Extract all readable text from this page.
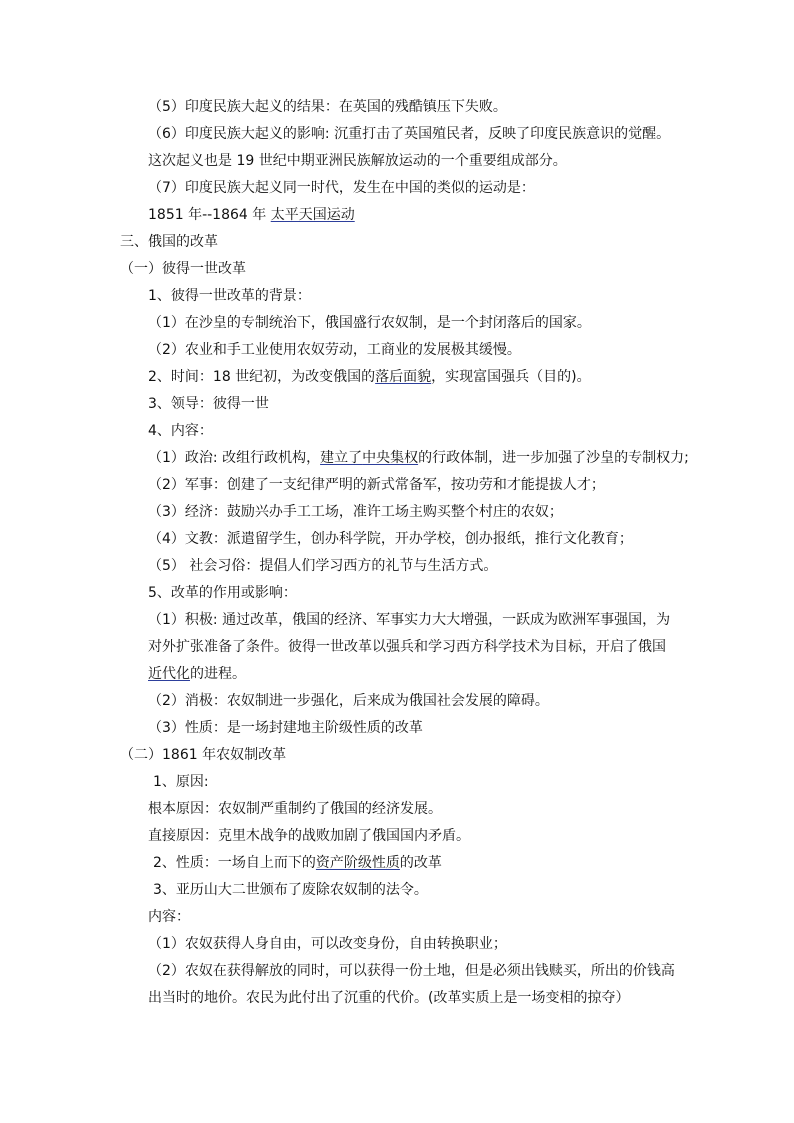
（5）印度民族大起义的结果：在英国的残酷镇压下失败。
（6）印度民族大起义的影响: 沉重打击了英国殖民者，反映了印度民族意识的觉醒。这次起义也是 19 世纪中期亚洲民族解放运动的一个重要组成部分。
（7）印度民族大起义同一时代，发生在中国的类似的运动是：
1851 年--1864 年 太平天国运动
三、俄国的改革
（一）彼得一世改革
1、彼得一世改革的背景：
（1）在沙皇的专制统治下，俄国盛行农奴制，是一个封闭落后的国家。
（2）农业和手工业使用农奴劳动，工商业的发展极其缓慢。
2、时间：18 世纪初，为改变俄国的落后面貌，实现富国强兵（目的)。
3、领导：彼得一世
4、内容：
（1）政治: 改组行政机构，建立了中央集权的行政体制，进一步加强了沙皇的专制权力;
（2）军事：创建了一支纪律严明的新式常备军，按功劳和才能提拔人才；
（3）经济：鼓励兴办手工工场，准许工场主购买整个村庄的农奴；
（4）文教：派遣留学生，创办科学院，开办学校，创办报纸，推行文化教育；
（5） 社会习俗：提倡人们学习西方的礼节与生活方式。
5、改革的作用或影响：
（1）积极: 通过改革，俄国的经济、军事实力大大增强，一跃成为欧洲军事强国，为对外扩张准备了条件。彼得一世改革以强兵和学习西方科学技术为目标，开启了俄国近代化的进程。
（2）消极：农奴制进一步强化，后来成为俄国社会发展的障碍。
（3）性质：是一场封建地主阶级性质的改革
（二）1861 年农奴制改革
1、原因:
根本原因：农奴制严重制约了俄国的经济发展。
直接原因：克里木战争的战败加剧了俄国国内矛盾。
2、性质：一场自上而下的资产阶级性质的改革
3、亚历山大二世颁布了废除农奴制的法令。
内容：
（1）农奴获得人身自由，可以改变身份，自由转换职业；
（2）农奴在获得解放的同时，可以获得一份土地，但是必须出钱赎买，所出的价钱高出当时的地价。农民为此付出了沉重的代价。(改革实质上是一场变相的掠夺）
